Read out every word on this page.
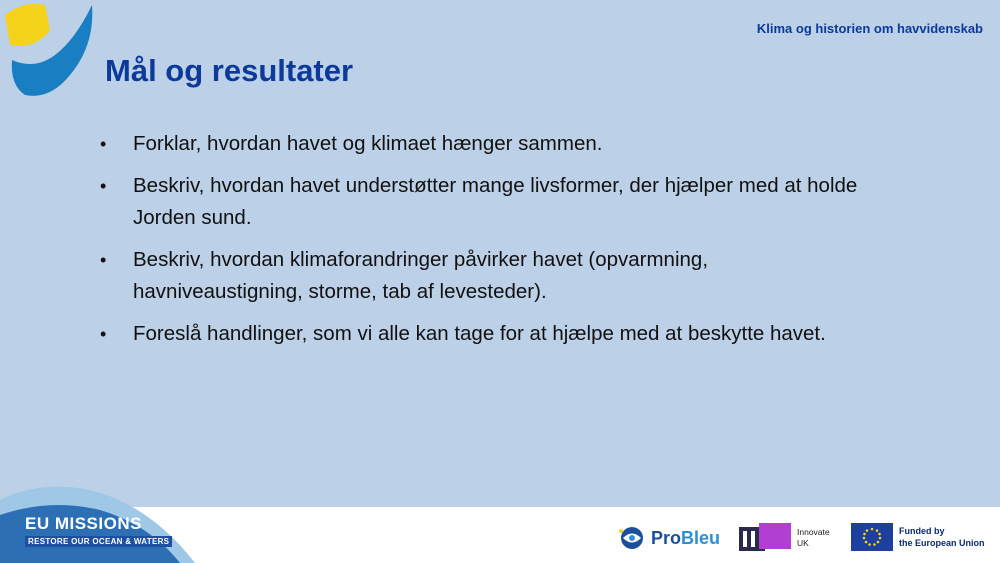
Klima og historien om havvidenskab
Mål og resultater
• Forklar, hvordan havet og klimaet hænger sammen.
• Beskriv, hvordan havet understøtter mange livsformer, der hjælper med at holde Jorden sund.
• Beskriv, hvordan klimaforandringer påvirker havet (opvarmning, havniveaustigning, storme, tab af levesteder).
• Foreslå handlinger, som vi alle kan tage for at hjælpe med at beskytte havet.
EU MISSIONS
RESTORE OUR OCEAN & WATERS	ProBleu	Innovate
UK
Funded by
the European Union
